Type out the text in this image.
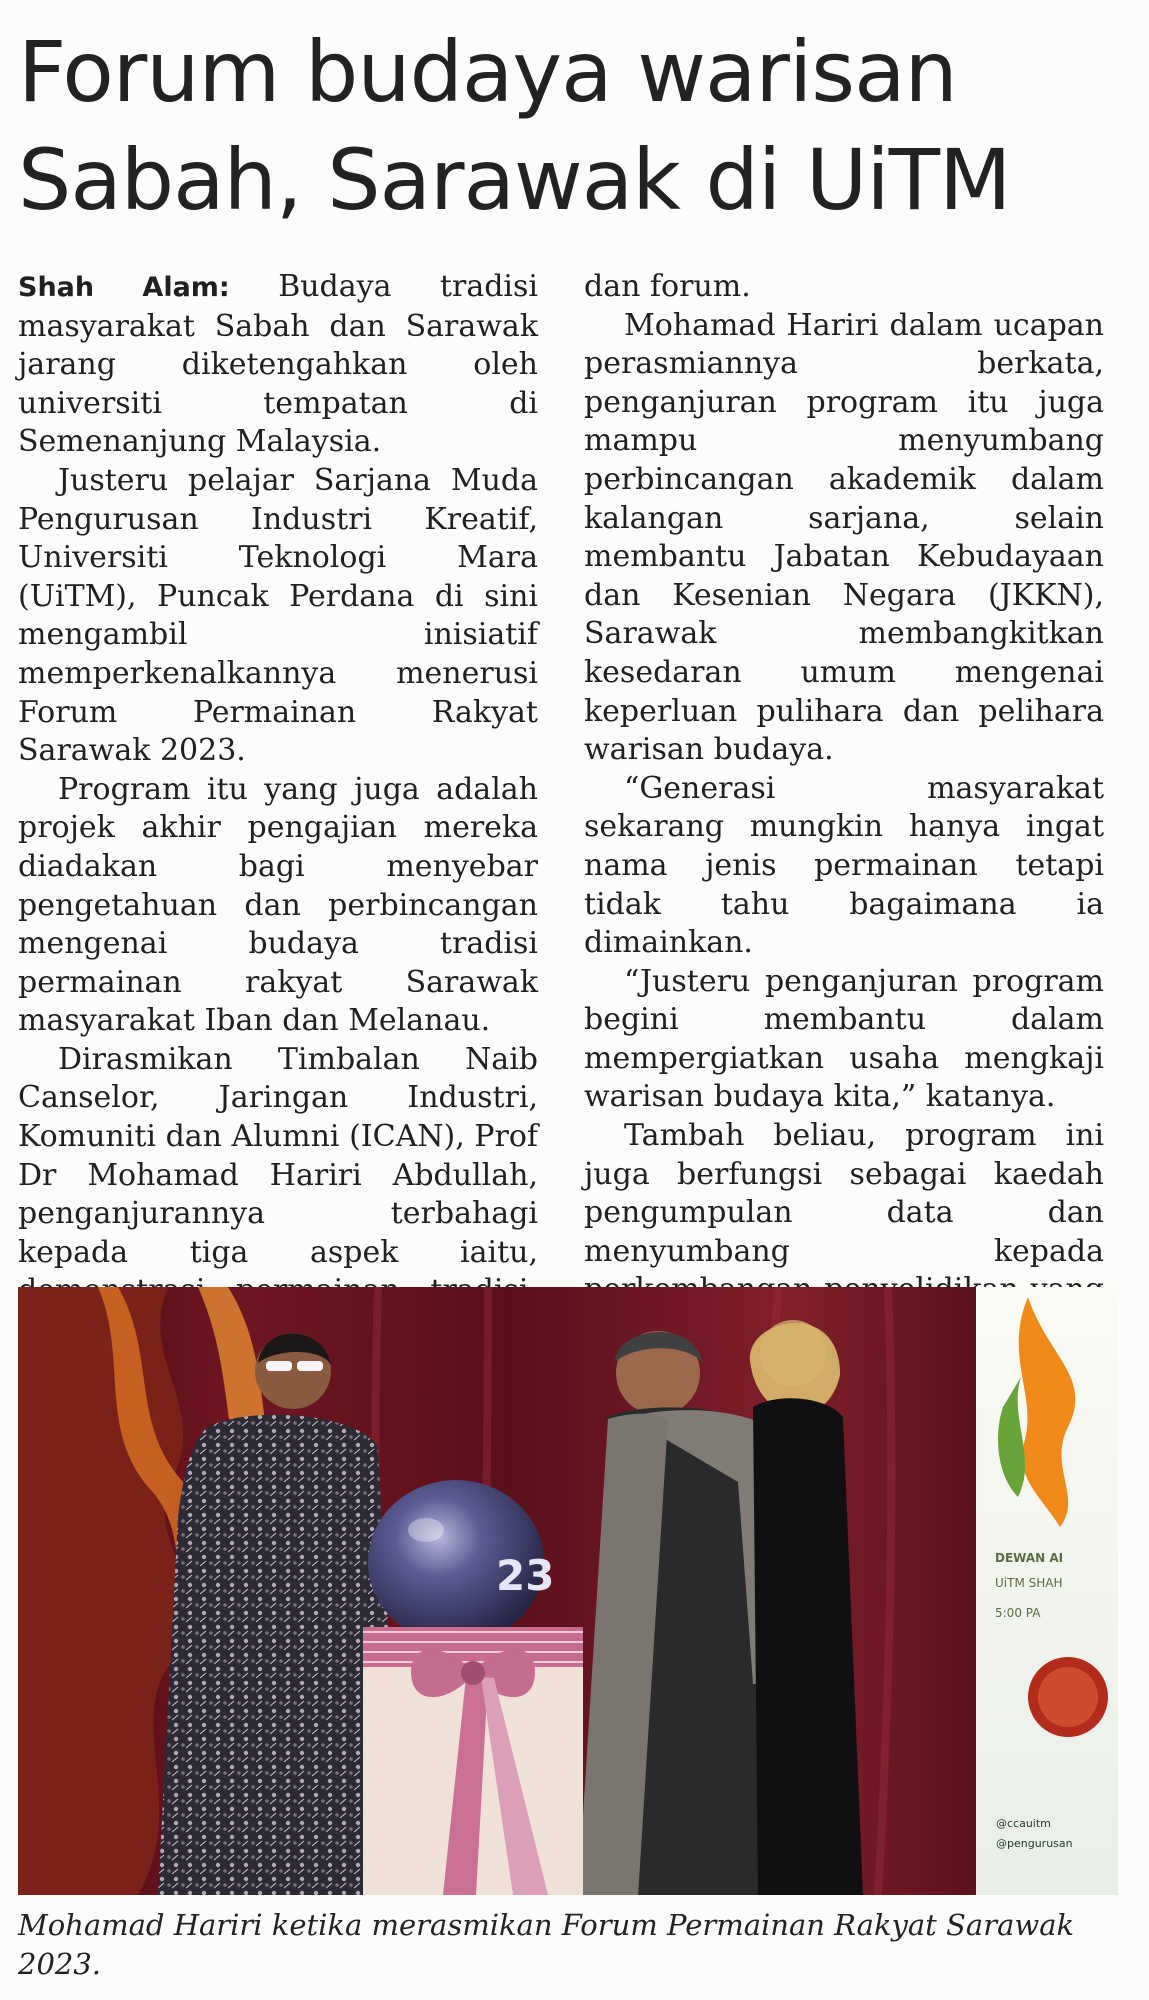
Forum budaya warisan Sabah, Sarawak di UiTM

Shah Alam: Budaya tradisi masyarakat Sabah dan Sarawak jarang diketengahkan oleh universiti tempatan di Semenanjung Malaysia.

Justeru pelajar Sarjana Muda Pengurusan Industri Kreatif, Universiti Teknologi Mara (UiTM), Puncak Perdana di sini mengambil inisiatif memperkenalkannya menerusi Forum Permainan Rakyat Sarawak 2023.

Program itu yang juga adalah projek akhir pengajian mereka diadakan bagi menyebar pengetahuan dan perbincangan mengenai budaya tradisi permainan rakyat Sarawak masyarakat Iban dan Melanau.

Dirasmikan Timbalan Naib Canselor, Jaringan Industri, Komuniti dan Alumni (ICAN), Prof Dr Mohamad Hariri Abdullah, penganjurannya terbahagi kepada tiga aspek iaitu,

dan forum.

Mohamad Hariri dalam ucapan perasmiannya berkata, penganjuran program itu juga mampu menyumbang perbincangan akademik dalam kalangan sarjana, selain membantu Jabatan Kebudayaan dan Kesenian Negara (JKKN), Sarawak membangkitkan kesedaran umum mengenai keperluan pulihara dan pelihara warisan budaya.

“Generasi masyarakat sekarang mungkin hanya ingat nama jenis permainan tetapi tidak tahu bagaimana ia dimainkan.

“Justeru penganjuran program begini membantu dalam mempergiatkan usaha mengkaji warisan budaya kita,” katanya.

Tambah beliau, program ini juga berfungsi sebagai kaedah pengumpulan data dan menyumbang kepada

DEWAN AI
UiTM SHAH
5:00 PA
@ccauitm
@pengurusan
23
Mohamad Hariri ketika merasmikan Forum Permainan Rakyat Sarawak 2023.
